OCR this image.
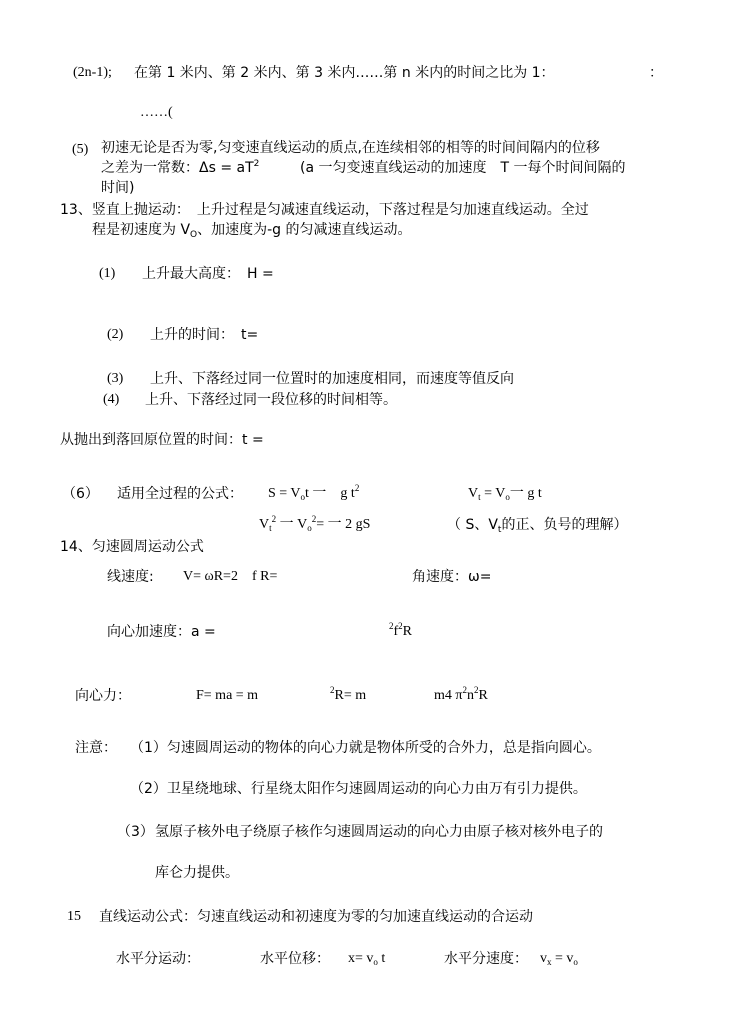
(2n-1); 在第 1 米内、第 2 米内、第 3 米内……第 n 米内的时间之比为 1：	：
……(
(5) 初速无论是否为零,匀变速直线运动的质点,在连续相邻的相等的时间间隔内的位移
之差为一常数：$\Delta s = aT^2$	(a 一匀变速直线运动的加速度　T 一每个时间间隔的
时间)
13、竖直上抛运动：　上升过程是匀减速直线运动，下落过程是匀加速直线运动。全过
程是初速度为 $V_O$、加速度为-g 的匀减速直线运动。
(1) 上升最大高度：　H =
(2) 上升的时间：　t=
(3) 上升、下落经过同一位置时的加速度相同，而速度等值反向
(4) 上升、下落经过同一段位移的时间相等。
从抛出到落回原位置的时间：t =
（6） 适用全过程的公式： $S = V_ot$ 一　g $t^2$	$V_t = V_o$一 g t
$V_t^2$ 一 $V_o^2=$ 一 2 gS	（ S、$V_t$的正、负号的理解）
14、匀速圆周运动公式
线速度: V= ωR=2　f R=	角速度：ω=
向心加速度：a =	$^2f^2R$
向心力：	F= ma = m	$^2$R= m	m4 $\pi^2n^2R$
注意： （1）匀速圆周运动的物体的向心力就是物体所受的合外力，总是指向圆心。
（2）卫星绕地球、行星绕太阳作匀速圆周运动的向心力由万有引力提供。
（3） 氢原子核外电子绕原子核作匀速圆周运动的向心力由原子核对核外电子的
库仑力提供。
15 直线运动公式：匀速直线运动和初速度为零的匀加速直线运动的合运动
水平分运动：	水平位移： $x= v_o$ t	水平分速度： $v_x = v_o$
